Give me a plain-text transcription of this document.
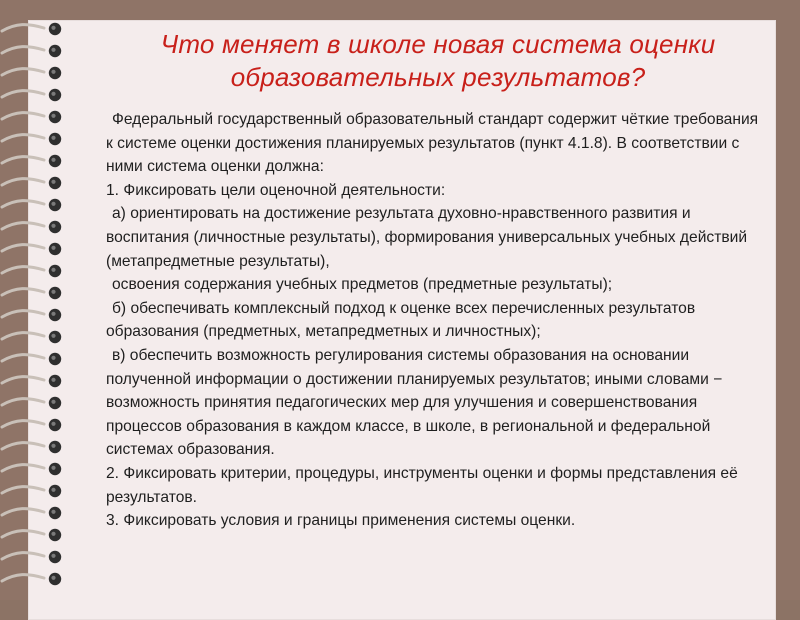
Что меняет в школе новая система оценки
образовательных результатов?

Федеральный государственный образовательный стандарт содержит чёткие требования к системе оценки достижения планируемых результатов (пункт 4.1.8). В соответствии с ними система оценки должна:

1. Фиксировать цели оценочной деятельности:

а) ориентировать на достижение результата духовно-нравственного развития и воспитания (личностные результаты), формирования универсальных учебных действий (метапредметные результаты),

освоения содержания учебных предметов (предметные результаты);

б) обеспечивать комплексный подход к оценке всех перечисленных результатов образования (предметных, метапредметных и личностных);

в) обеспечить возможность регулирования системы образования на основании полученной информации о достижении планируемых результатов; иными словами − возможность принятия педагогических мер для улучшения и совершенствования процессов образования в каждом классе, в школе, в региональной и федеральной системах образования.

2. Фиксировать критерии, процедуры, инструменты оценки и формы представления её результатов.

3. Фиксировать условия и границы применения системы оценки.
